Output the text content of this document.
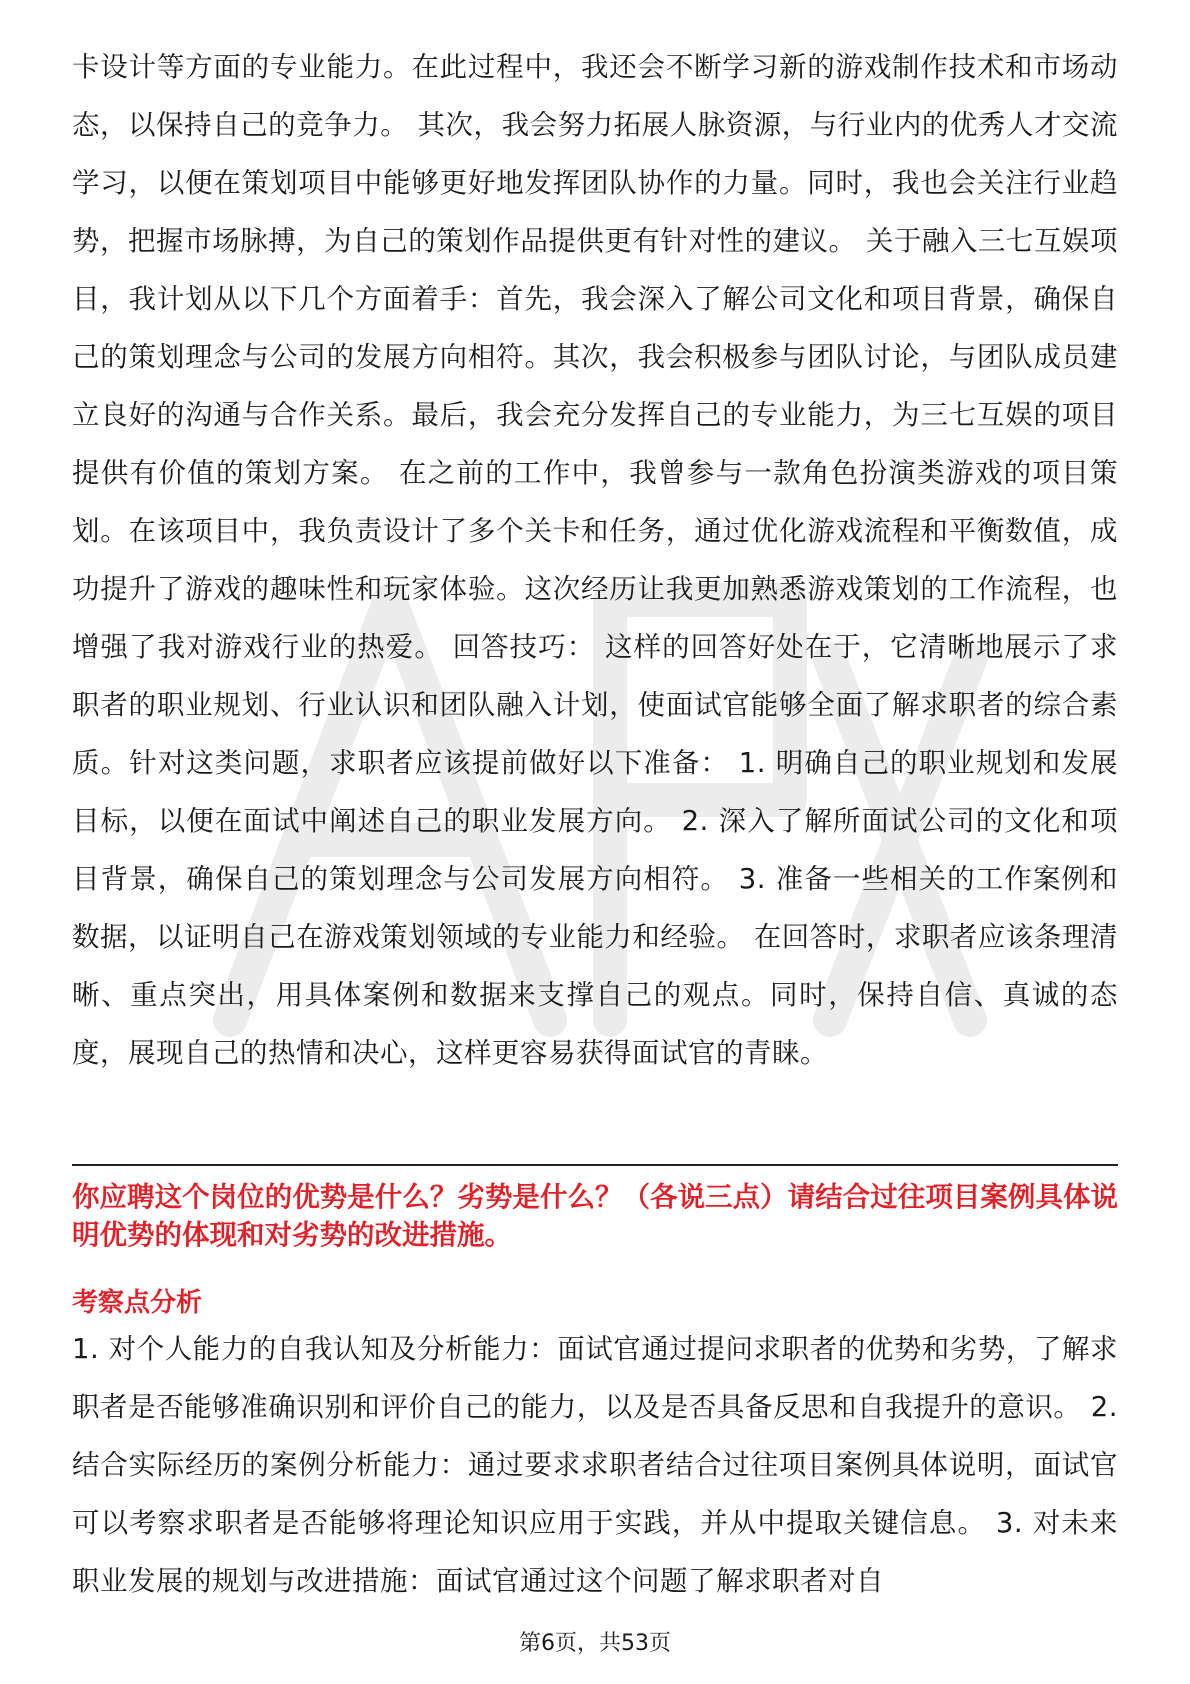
卡设计等方面的专业能力。在此过程中，我还会不断学习新的游戏制作技术和市场动态，以保持自己的竞争力。 其次，我会努力拓展人脉资源，与行业内的优秀人才交流学习，以便在策划项目中能够更好地发挥团队协作的力量。同时，我也会关注行业趋势，把握市场脉搏，为自己的策划作品提供更有针对性的建议。 关于融入三七互娱项目，我计划从以下几个方面着手：首先，我会深入了解公司文化和项目背景，确保自己的策划理念与公司的发展方向相符。其次，我会积极参与团队讨论，与团队成员建立良好的沟通与合作关系。最后，我会充分发挥自己的专业能力，为三七互娱的项目提供有价值的策划方案。 在之前的工作中，我曾参与一款角色扮演类游戏的项目策划。在该项目中，我负责设计了多个关卡和任务，通过优化游戏流程和平衡数值，成功提升了游戏的趣味性和玩家体验。这次经历让我更加熟悉游戏策划的工作流程，也增强了我对游戏行业的热爱。 回答技巧： 这样的回答好处在于，它清晰地展示了求职者的职业规划、行业认识和团队融入计划，使面试官能够全面了解求职者的综合素质。针对这类问题，求职者应该提前做好以下准备： 1. 明确自己的职业规划和发展目标，以便在面试中阐述自己的职业发展方向。 2. 深入了解所面试公司的文化和项目背景，确保自己的策划理念与公司发展方向相符。 3. 准备一些相关的工作案例和数据，以证明自己在游戏策划领域的专业能力和经验。 在回答时，求职者应该条理清晰、重点突出，用具体案例和数据来支撑自己的观点。同时，保持自信、真诚的态度，展现自己的热情和决心，这样更容易获得面试官的青睐。

你应聘这个岗位的优势是什么？劣势是什么？（各说三点）请结合过往项目案例具体说明优势的体现和对劣势的改进措施。

考察点分析

1. 对个人能力的自我认知及分析能力：面试官通过提问求职者的优势和劣势，了解求职者是否能够准确识别和评价自己的能力，以及是否具备反思和自我提升的意识。 2. 结合实际经历的案例分析能力：通过要求求职者结合过往项目案例具体说明，面试官可以考察求职者是否能够将理论知识应用于实践，并从中提取关键信息。 3. 对未来职业发展的规划与改进措施：面试官通过这个问题了解求职者对自

第6页，共53页
